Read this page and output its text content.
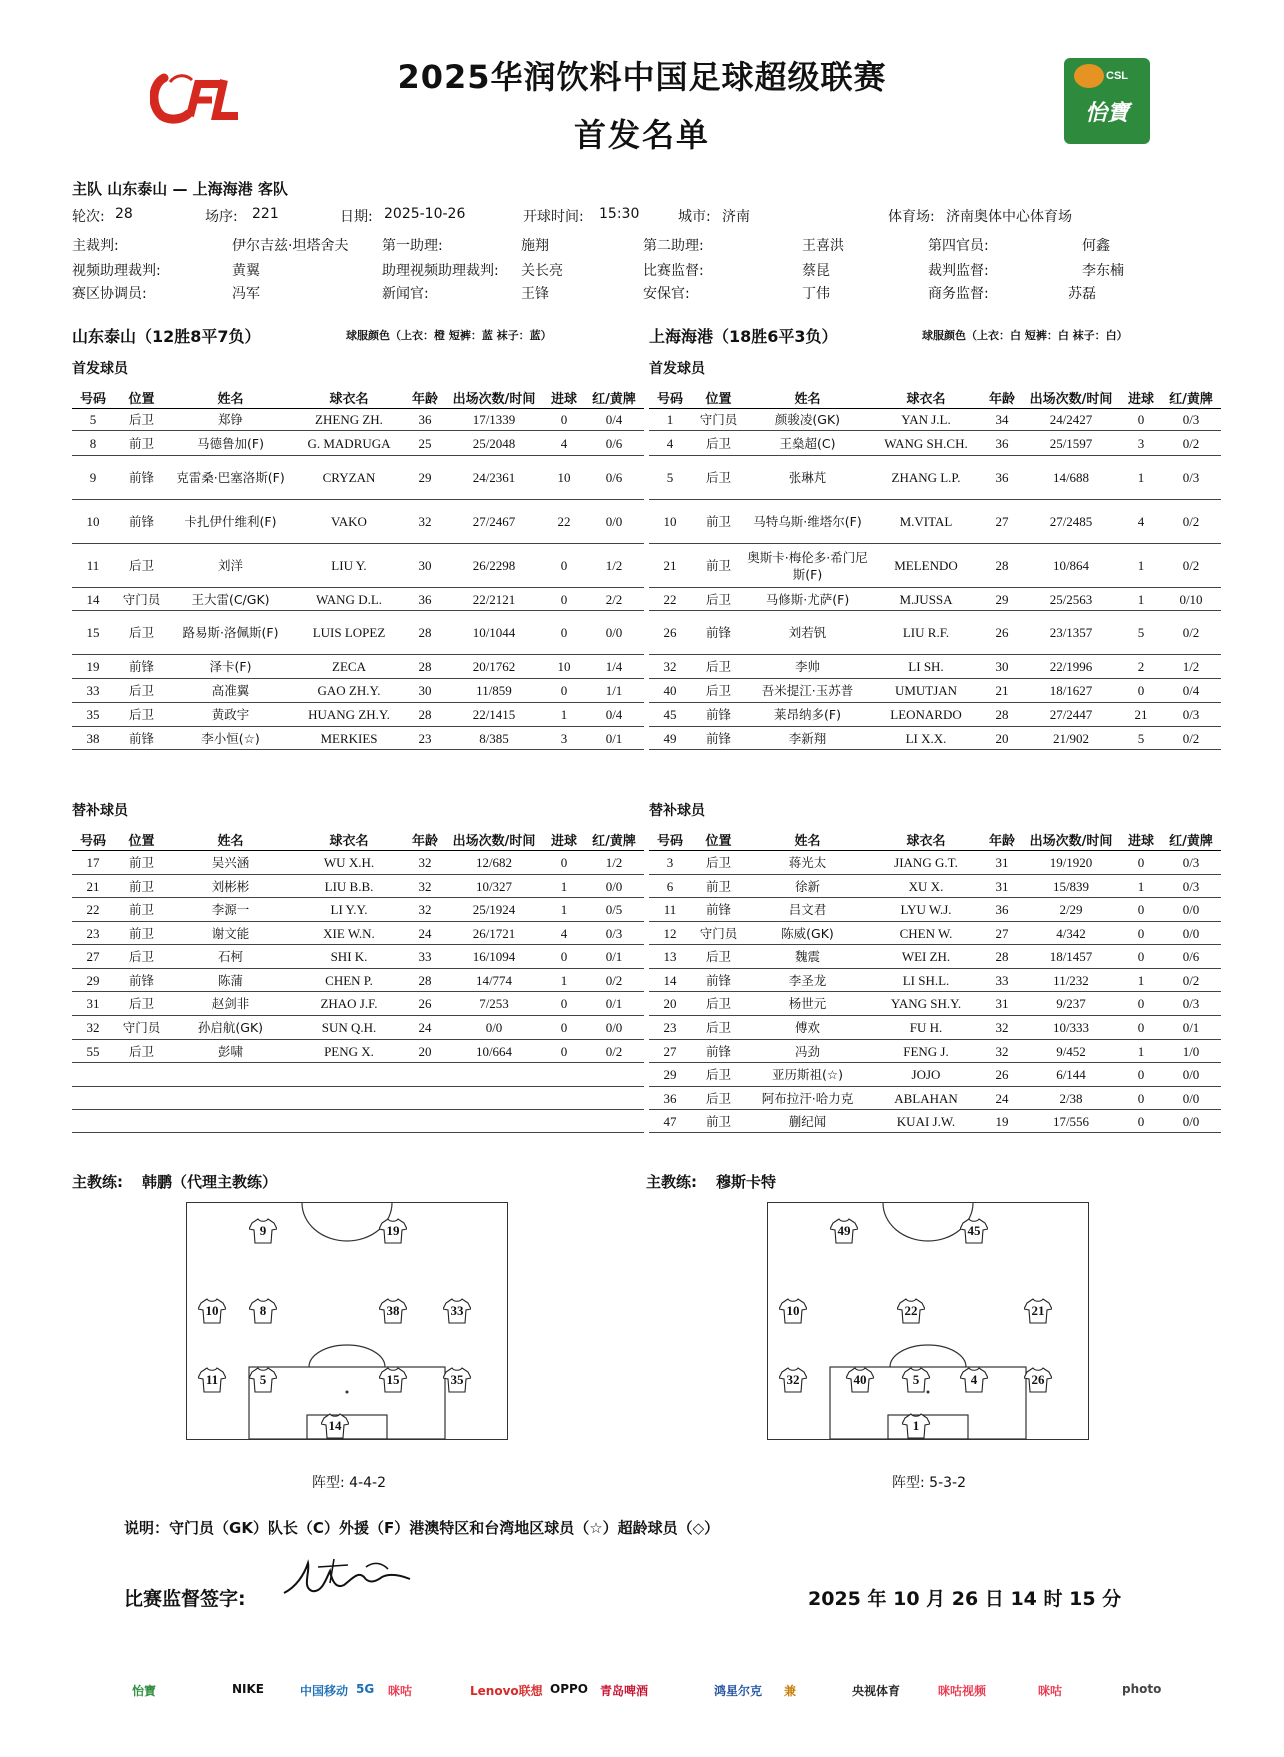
2025华润饮料中国足球超级联赛
首发名单
CSL
怡寶
主队 山东泰山 — 上海海港 客队
轮次: 28	场序: 221	日期: 2025-10-26	开球时间: 15:30	城市: 济南	体育场: 济南奥体中心体育场
主裁判:	伊尔吉兹·坦塔舍夫 第一助理:	施翔	第二助理:	王喜洪	第四官员:	何鑫
视频助理裁判:	黄翼	助理视频助理裁判: 关长亮	比赛监督:	蔡昆	裁判监督:	李东楠
赛区协调员:	冯军	新闻官:	王锋	安保官:	丁伟	商务监督:	苏磊
山东泰山（12胜8平7负）	球服颜色（上衣：橙 短裤：蓝 袜子：蓝）
首发球员
上海海港（18胜6平3负）	球服颜色（上衣：白 短裤：白 袜子：白）
首发球员
号码	位置	姓名	球衣名	年龄	出场次数/时间	进球	红/黄牌
5	后卫	郑铮	ZHENG ZH.	36	17/1339	0	0/4
8	前卫	马德鲁加(F)	G. MADRUGA	25	25/2048	4	0/6
9	前锋	克雷桑·巴塞洛斯(F)	CRYZAN	29	24/2361	10	0/6
10	前锋	卡扎伊什维利(F)	VAKO	32	27/2467	22	0/0
11	后卫	刘洋	LIU Y.	30	26/2298	0	1/2
14	守门员	王大雷(C/GK)	WANG D.L.	36	22/2121	0	2/2
15	后卫	路易斯·洛佩斯(F)	LUIS LOPEZ	28	10/1044	0	0/0
19	前锋	泽卡(F)	ZECA	28	20/1762	10	1/4
33	后卫	高准翼	GAO ZH.Y.	30	11/859	0	1/1
35	后卫	黄政宇	HUANG ZH.Y.	28	22/1415	1	0/4
38	前锋	李小恒(☆)	MERKIES	23	8/385	3	0/1
号码	位置	姓名	球衣名	年龄	出场次数/时间	进球	红/黄牌
1	守门员	颜骏凌(GK)	YAN J.L.	34	24/2427	0	0/3
4	后卫	王燊超(C)	WANG SH.CH.	36	25/1597	3	0/2
5	后卫	张琳芃	ZHANG L.P.	36	14/688	1	0/3
10	前卫	马特乌斯·维塔尔(F)	M.VITAL	27	27/2485	4	0/2
21	前卫	奥斯卡·梅伦多·希门尼斯(F)	MELENDO	28	10/864	1	0/2
22	后卫	马修斯·尤萨(F)	M.JUSSA	29	25/2563	1	0/10
26	前锋	刘若钒	LIU R.F.	26	23/1357	5	0/2
32	后卫	李帅	LI SH.	30	22/1996	2	1/2
40	后卫	吾米提江·玉苏普	UMUTJAN	21	18/1627	0	0/4
45	前锋	莱昂纳多(F)	LEONARDO	28	27/2447	21	0/3
49	前锋	李新翔	LI X.X.	20	21/902	5	0/2
替补球员	替补球员
号码	位置	姓名	球衣名	年龄	出场次数/时间	进球	红/黄牌
17	前卫	吴兴涵	WU X.H.	32	12/682	0	1/2
21	前卫	刘彬彬	LIU B.B.	32	10/327	1	0/0
22	前卫	李源一	LI Y.Y.	32	25/1924	1	0/5
23	前卫	谢文能	XIE W.N.	24	26/1721	4	0/3
27	后卫	石柯	SHI K.	33	16/1094	0	0/1
29	前锋	陈蒲	CHEN P.	28	14/774	1	0/2
31	后卫	赵剑非	ZHAO J.F.	26	7/253	0	0/1
32	守门员	孙启航(GK)	SUN Q.H.	24	0/0	0	0/0
55	后卫	彭啸	PENG X.	20	10/664	0	0/2

号码	位置	姓名	球衣名	年龄	出场次数/时间	进球	红/黄牌
3	后卫	蒋光太	JIANG G.T.	31	19/1920	0	0/3
6	前卫	徐新	XU X.	31	15/839	1	0/3
11	前锋	吕文君	LYU W.J.	36	2/29	0	0/0
12	守门员	陈威(GK)	CHEN W.	27	4/342	0	0/0
13	后卫	魏震	WEI ZH.	28	18/1457	0	0/6
14	前锋	李圣龙	LI SH.L.	33	11/232	1	0/2
20	后卫	杨世元	YANG SH.Y.	31	9/237	0	0/3
23	后卫	傅欢	FU H.	32	10/333	0	0/1
27	前锋	冯劲	FENG J.	32	9/452	1	1/0
29	后卫	亚历斯祖(☆)	JOJO	26	6/144	0	0/0
36	后卫	阿布拉汗·哈力克	ABLAHAN	24	2/38	0	0/0
47	前卫	蒯纪闻	KUAI J.W.	19	17/556	0	0/0
主教练: 韩鹏（代理主教练）	主教练: 穆斯卡特
9	19
10	8	38	33
11	5	15	35
14
49	45
10	22	21
32	40	5	4	26
1
阵型: 4-4-2	阵型: 5-3-2
说明：守门员（GK）队长（C）外援（F）港澳特区和台湾地区球员（☆）超龄球员（◇）
比赛监督签字:	2025 年 10 月 26 日 14 时 15 分
怡寶	NIKE	中国移动 5G 咪咕	Lenovo联想 OPPO 青岛啤酒	鸿星尔克 兼	央视体育	咪咕视频	咪咕	photo
